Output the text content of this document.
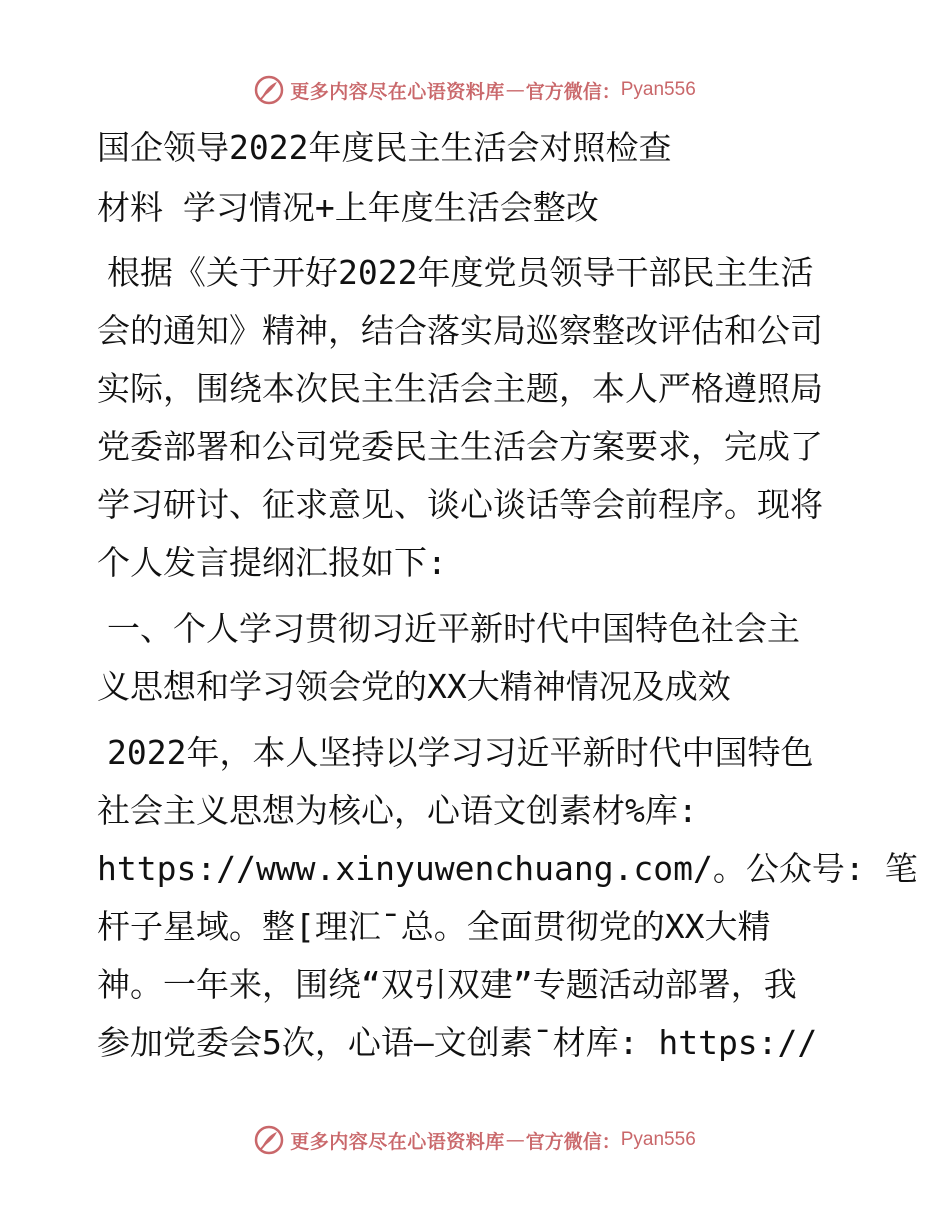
更多内容尽在心语资料库 — 官方微信： Pyan556

国企领导2022年度民主生活会对照检查

材料 学习情况+上年度生活会整改

根据《关于开好2022年度党员领导干部民主生活
会的通知》精神，结合落实局巡察整改评估和公司
实际，围绕本次民主生活会主题，本人严格遵照局
党委部署和公司党委民主生活会方案要求，完成了
学习研讨、征求意见、谈心谈话等会前程序。现将
个人发言提纲汇报如下:

一、个人学习贯彻习近平新时代中国特色社会主
义思想和学习领会党的XX大精神情况及成效

2022年，本人坚持以学习习近平新时代中国特色
社会主义思想为核心，心语文创素材%库:
https://www.xinyuwenchuang.com/。公众号: 笔
杆子星域。整[理汇¯总。全面贯彻党的XX大精
神。一年来，围绕“双引双建”专题活动部署，我
参加党委会5次，心语—文创素¯材库: https://

更多内容尽在心语资料库 — 官方微信： Pyan556
